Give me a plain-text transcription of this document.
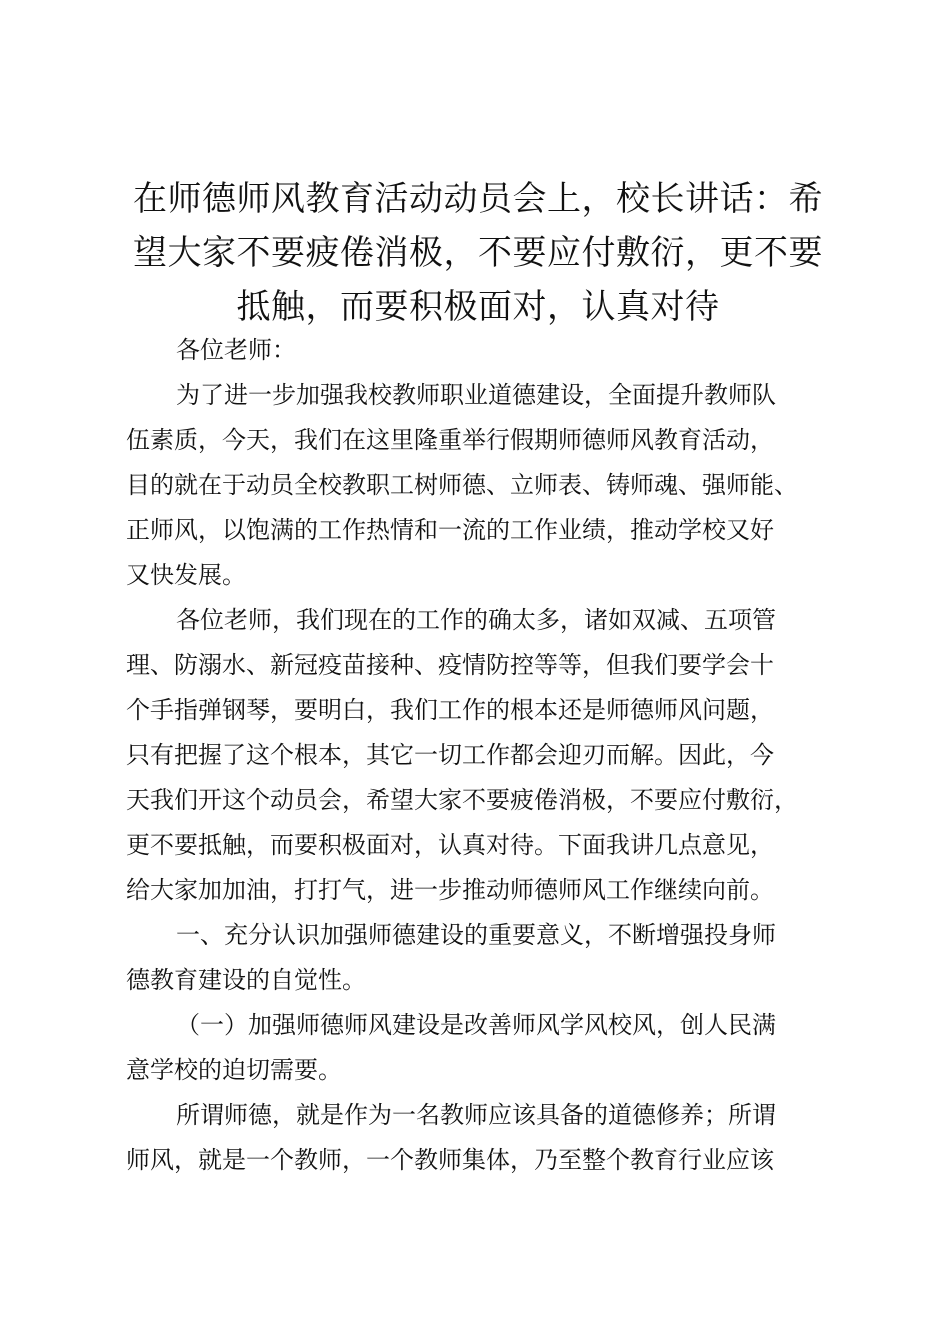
在师德师风教育活动动员会上，校长讲话：希
望大家不要疲倦消极，不要应付敷衍，更不要
抵触，而要积极面对，认真对待
各位老师：
为了进一步加强我校教师职业道德建设，全面提升教师队
伍素质，今天，我们在这里隆重举行假期师德师风教育活动，
目的就在于动员全校教职工树师德、立师表、铸师魂、强师能、
正师风，以饱满的工作热情和一流的工作业绩，推动学校又好
又快发展。
各位老师，我们现在的工作的确太多，诸如双减、五项管
理、防溺水、新冠疫苗接种、疫情防控等等，但我们要学会十
个手指弹钢琴，要明白，我们工作的根本还是师德师风问题，
只有把握了这个根本，其它一切工作都会迎刃而解。因此，今
天我们开这个动员会，希望大家不要疲倦消极，不要应付敷衍，
更不要抵触，而要积极面对，认真对待。下面我讲几点意见，
给大家加加油，打打气，进一步推动师德师风工作继续向前。
一、充分认识加强师德建设的重要意义，不断增强投身师
德教育建设的自觉性。
（一）加强师德师风建设是改善师风学风校风，创人民满
意学校的迫切需要。
所谓师德，就是作为一名教师应该具备的道德修养；所谓
师风，就是一个教师，一个教师集体，乃至整个教育行业应该
